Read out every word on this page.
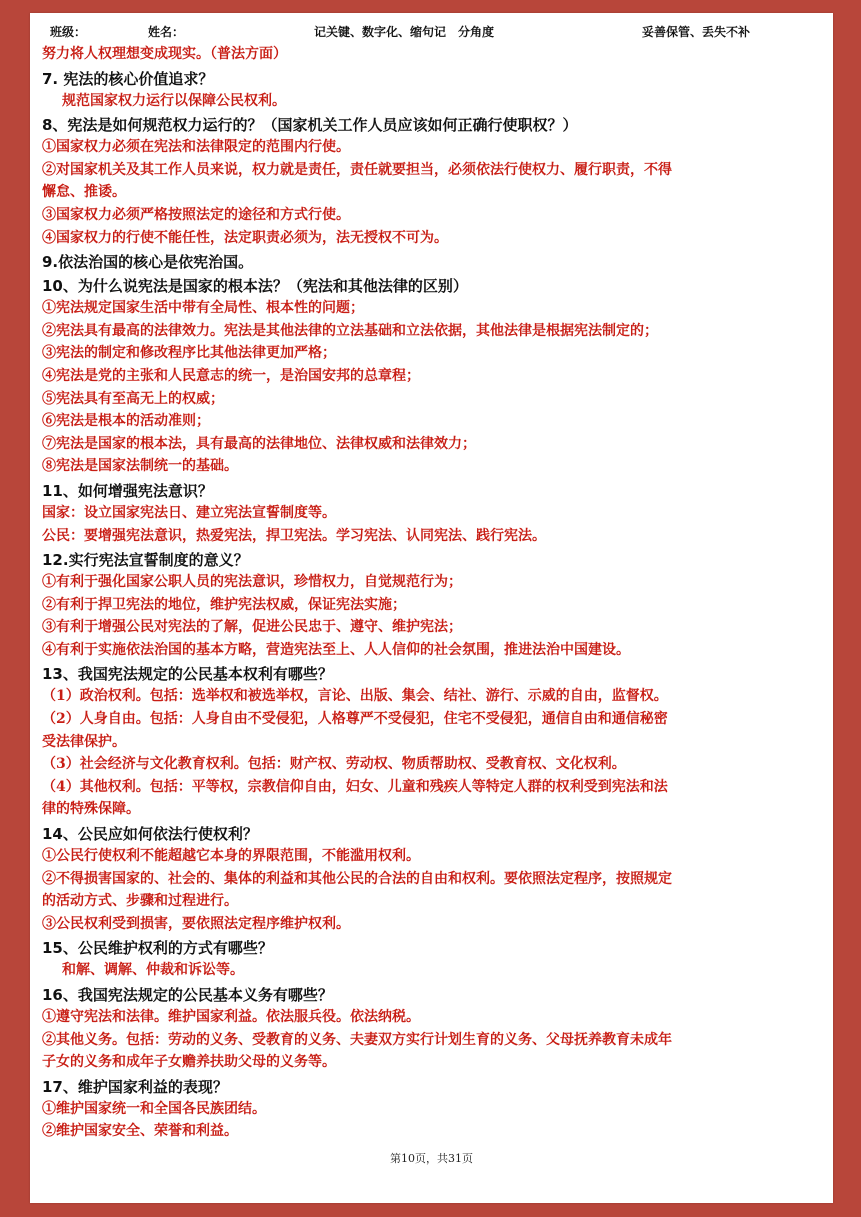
班级：	姓名：	记关键、数字化、缩句记　分角度	妥善保管、丢失不补
努力将人权理想变成现实。（普法方面）
7. 宪法的核心价值追求？
规范国家权力运行以保障公民权利。
8、宪法是如何规范权力运行的？（国家机关工作人员应该如何正确行使职权？）
①国家权力必须在宪法和法律限定的范围内行使。
②对国家机关及其工作人员来说，权力就是责任，责任就要担当，必须依法行使权力、履行职责，不得
懈怠、推诿。
③国家权力必须严格按照法定的途径和方式行使。
④国家权力的行使不能任性，法定职责必须为，法无授权不可为。
9.依法治国的核心是依宪治国。
10、为什么说宪法是国家的根本法？（宪法和其他法律的区别）
①宪法规定国家生活中带有全局性、根本性的问题；
②宪法具有最高的法律效力。宪法是其他法律的立法基础和立法依据，其他法律是根据宪法制定的；
③宪法的制定和修改程序比其他法律更加严格；
④宪法是党的主张和人民意志的统一，是治国安邦的总章程；
⑤宪法具有至高无上的权威；
⑥宪法是根本的活动准则；
⑦宪法是国家的根本法，具有最高的法律地位、法律权威和法律效力；
⑧宪法是国家法制统一的基础。
11、如何增强宪法意识？
国家：设立国家宪法日、建立宪法宣誓制度等。
公民：要增强宪法意识，热爱宪法，捍卫宪法。学习宪法、认同宪法、践行宪法。
12.实行宪法宣誓制度的意义？
①有利于强化国家公职人员的宪法意识，珍惜权力，自觉规范行为；
②有利于捍卫宪法的地位，维护宪法权威，保证宪法实施；
③有利于增强公民对宪法的了解，促进公民忠于、遵守、维护宪法；
④有利于实施依法治国的基本方略，营造宪法至上、人人信仰的社会氛围，推进法治中国建设。
13、我国宪法规定的公民基本权利有哪些？
（1）政治权利。包括：选举权和被选举权，言论、出版、集会、结社、游行、示威的自由，监督权。
（2）人身自由。包括：人身自由不受侵犯，人格尊严不受侵犯，住宅不受侵犯，通信自由和通信秘密
受法律保护。
（3）社会经济与文化教育权利。包括：财产权、劳动权、物质帮助权、受教育权、文化权利。
（4）其他权利。包括：平等权，宗教信仰自由，妇女、儿童和残疾人等特定人群的权利受到宪法和法
律的特殊保障。
14、公民应如何依法行使权利？
①公民行使权利不能超越它本身的界限范围，不能滥用权利。
②不得损害国家的、社会的、集体的利益和其他公民的合法的自由和权利。要依照法定程序，按照规定
的活动方式、步骤和过程进行。
③公民权利受到损害，要依照法定程序维护权利。
15、公民维护权利的方式有哪些？
和解、调解、仲裁和诉讼等。
16、我国宪法规定的公民基本义务有哪些？
①遵守宪法和法律。维护国家利益。依法服兵役。依法纳税。
②其他义务。包括：劳动的义务、受教育的义务、夫妻双方实行计划生育的义务、父母抚养教育未成年
子女的义务和成年子女赡养扶助父母的义务等。
17、维护国家利益的表现？
①维护国家统一和全国各民族团结。
②维护国家安全、荣誉和利益。
第10页，共31页
